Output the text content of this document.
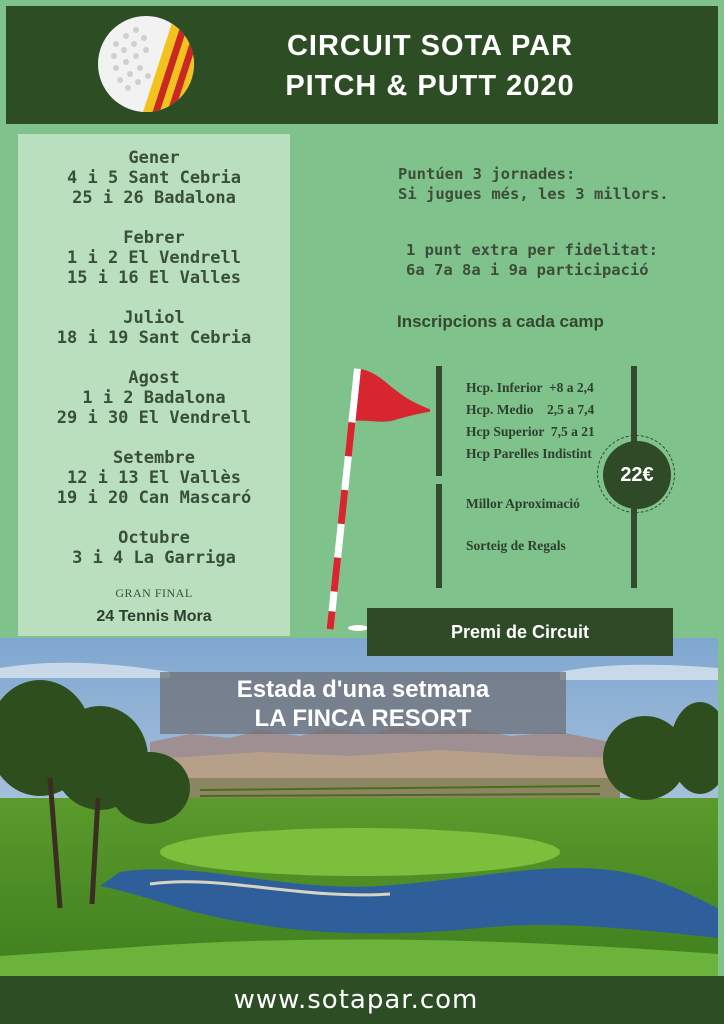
CIRCUIT SOTA PAR
PITCH & PUTT 2020
Gener
4 i 5 Sant Cebria
25 i 26 Badalona
Febrer
1 i 2 El Vendrell
15 i 16 El Valles
Juliol
18 i 19 Sant Cebria
Agost
1 i 2 Badalona
29 i 30 El Vendrell
Setembre
12 i 13 El Vallès
19 i 20 Can Mascaró
Octubre
3 i 4 La Garriga
GRAN FINAL
24 Tennis Mora
Puntúen 3 jornades:
Si jugues més, les 3 millors.
1 punt extra per fidelitat:
6a 7a 8a i 9a participació
Inscripcions a cada camp
Hcp. Inferior  +8 a 2,4
Hcp. Medio    2,5 a 7,4
Hcp Superior  7,5 a 21
Hcp Parelles Indistint
22€
Millor Aproximació
Sorteig de Regals
Premi de Circuit
Estada d'una setmana
LA FINCA RESORT
www.sotapar.com
